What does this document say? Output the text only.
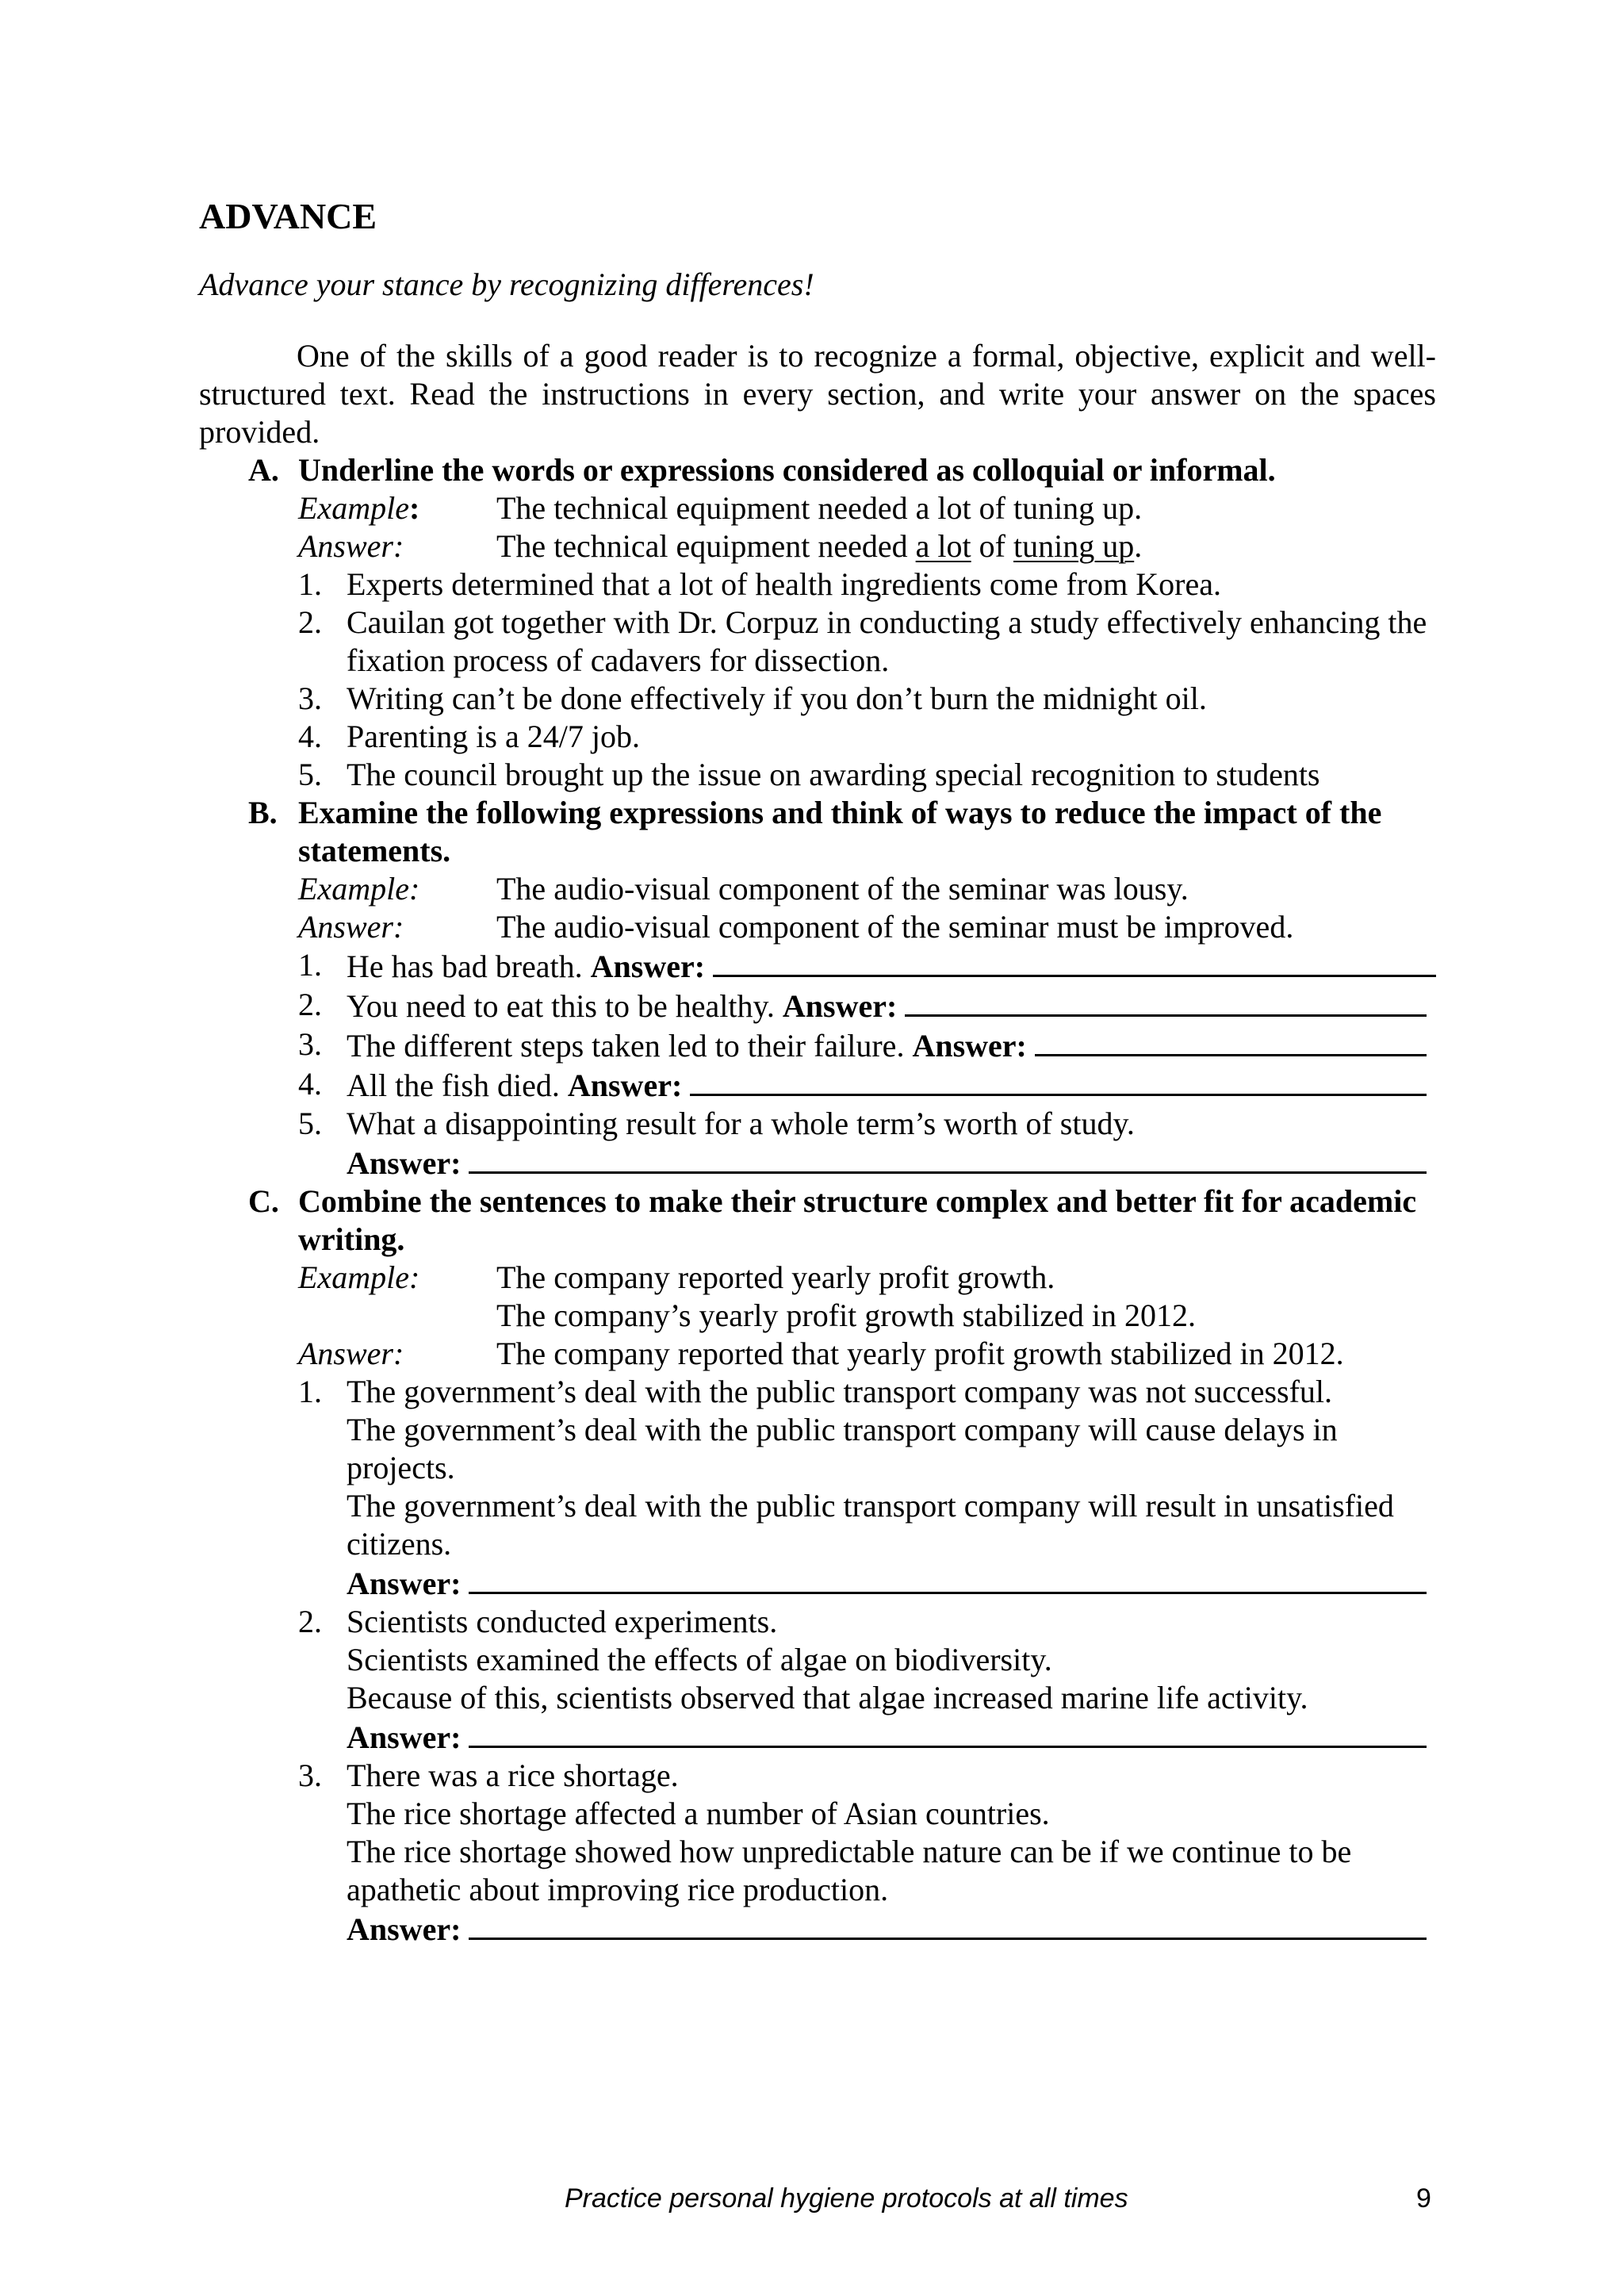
ADVANCE
Advance your stance by recognizing differences!

One of the skills of a good reader is to recognize a formal, objective, explicit and well-structured text. Read the instructions in every section, and write your answer on the spaces provided.

A. Underline the words or expressions considered as colloquial or informal.
Example: The technical equipment needed a lot of tuning up.
Answer:	The technical equipment needed a lot of tuning up.
1. Experts determined that a lot of health ingredients come from Korea.
2. Cauilan got together with Dr. Corpuz in conducting a study effectively enhancing the fixation process of cadavers for dissection.
3. Writing can’t be done effectively if you don’t burn the midnight oil.
4. Parenting is a 24/7 job.
5. The council brought up the issue on awarding special recognition to students
B. Examine the following expressions and think of ways to reduce the impact of the statements.
Example: The audio-visual component of the seminar was lousy.
Answer:	The audio-visual component of the seminar must be improved.
1. He has bad breath.
Answer:
2. You need to eat this to be healthy.
Answer:
3. The different steps taken led to their failure.
Answer:
4. All the fish died.
Answer:
5. What a disappointing result for a whole term’s worth of study.
Answer:
C. Combine the sentences to make their structure complex and better fit for academic writing.
Example: The company reported yearly profit growth.
The company’s yearly profit growth stabilized in 2012.
Answer:	The company reported that yearly profit growth stabilized in 2012.
1. The government’s deal with the public transport company was not successful.
The government’s deal with the public transport company will cause delays in projects.
The government’s deal with the public transport company will result in unsatisfied citizens.
Answer:
2. Scientists conducted experiments.
Scientists examined the effects of algae on biodiversity.
Because of this, scientists observed that algae increased marine life activity.
Answer:
3. There was a rice shortage.
The rice shortage affected a number of Asian countries.
The rice shortage showed how unpredictable nature can be if we continue to be apathetic about improving rice production.
Answer:
Practice personal hygiene protocols at all times	9
